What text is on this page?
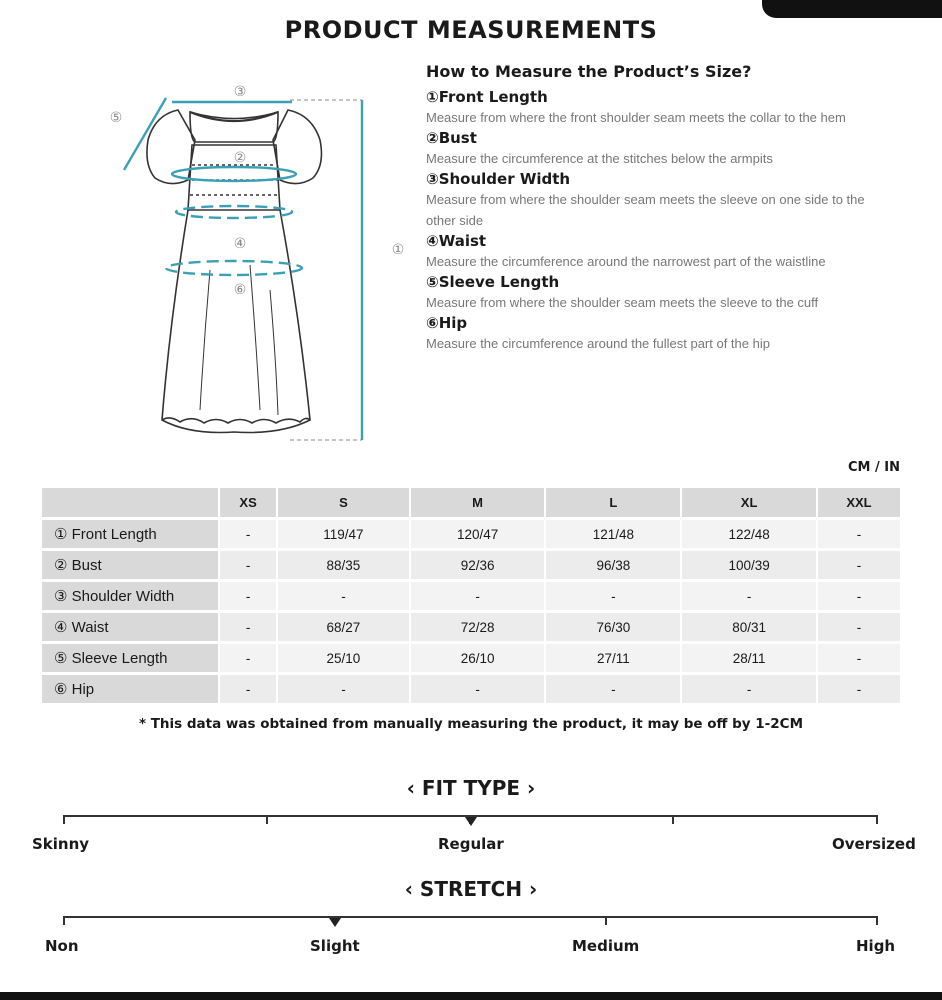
PRODUCT MEASUREMENTS
③
⑤
②
④
⑥
①
How to Measure the Product’s Size?
①Front Length
Measure from where the front shoulder seam meets the collar to the hem
②Bust
Measure the circumference at the stitches below the armpits
③Shoulder Width
Measure from where the shoulder seam meets the sleeve on one side to the other side
④Waist
Measure the circumference around the narrowest part of the waistline
⑤Sleeve Length
Measure from where the shoulder seam meets the sleeve to the cuff
⑥Hip
Measure the circumference around the fullest part of the hip
CM / IN
	XS	S	M	L	XL	XXL
① Front Length	-	119/47	120/47	121/48	122/48	-
② Bust	-	88/35	92/36	96/38	100/39	-
③ Shoulder Width	-	-	-	-	-	-
④ Waist	-	68/27	72/28	76/30	80/31	-
⑤ Sleeve Length	-	25/10	26/10	27/11	28/11	-
⑥ Hip	-	-	-	-	-	-
* This data was obtained from manually measuring the product, it may be off by 1-2CM
‹ FIT TYPE ›
Skinny	Regular	Oversized
‹ STRETCH ›
Non	Slight	Medium	High
